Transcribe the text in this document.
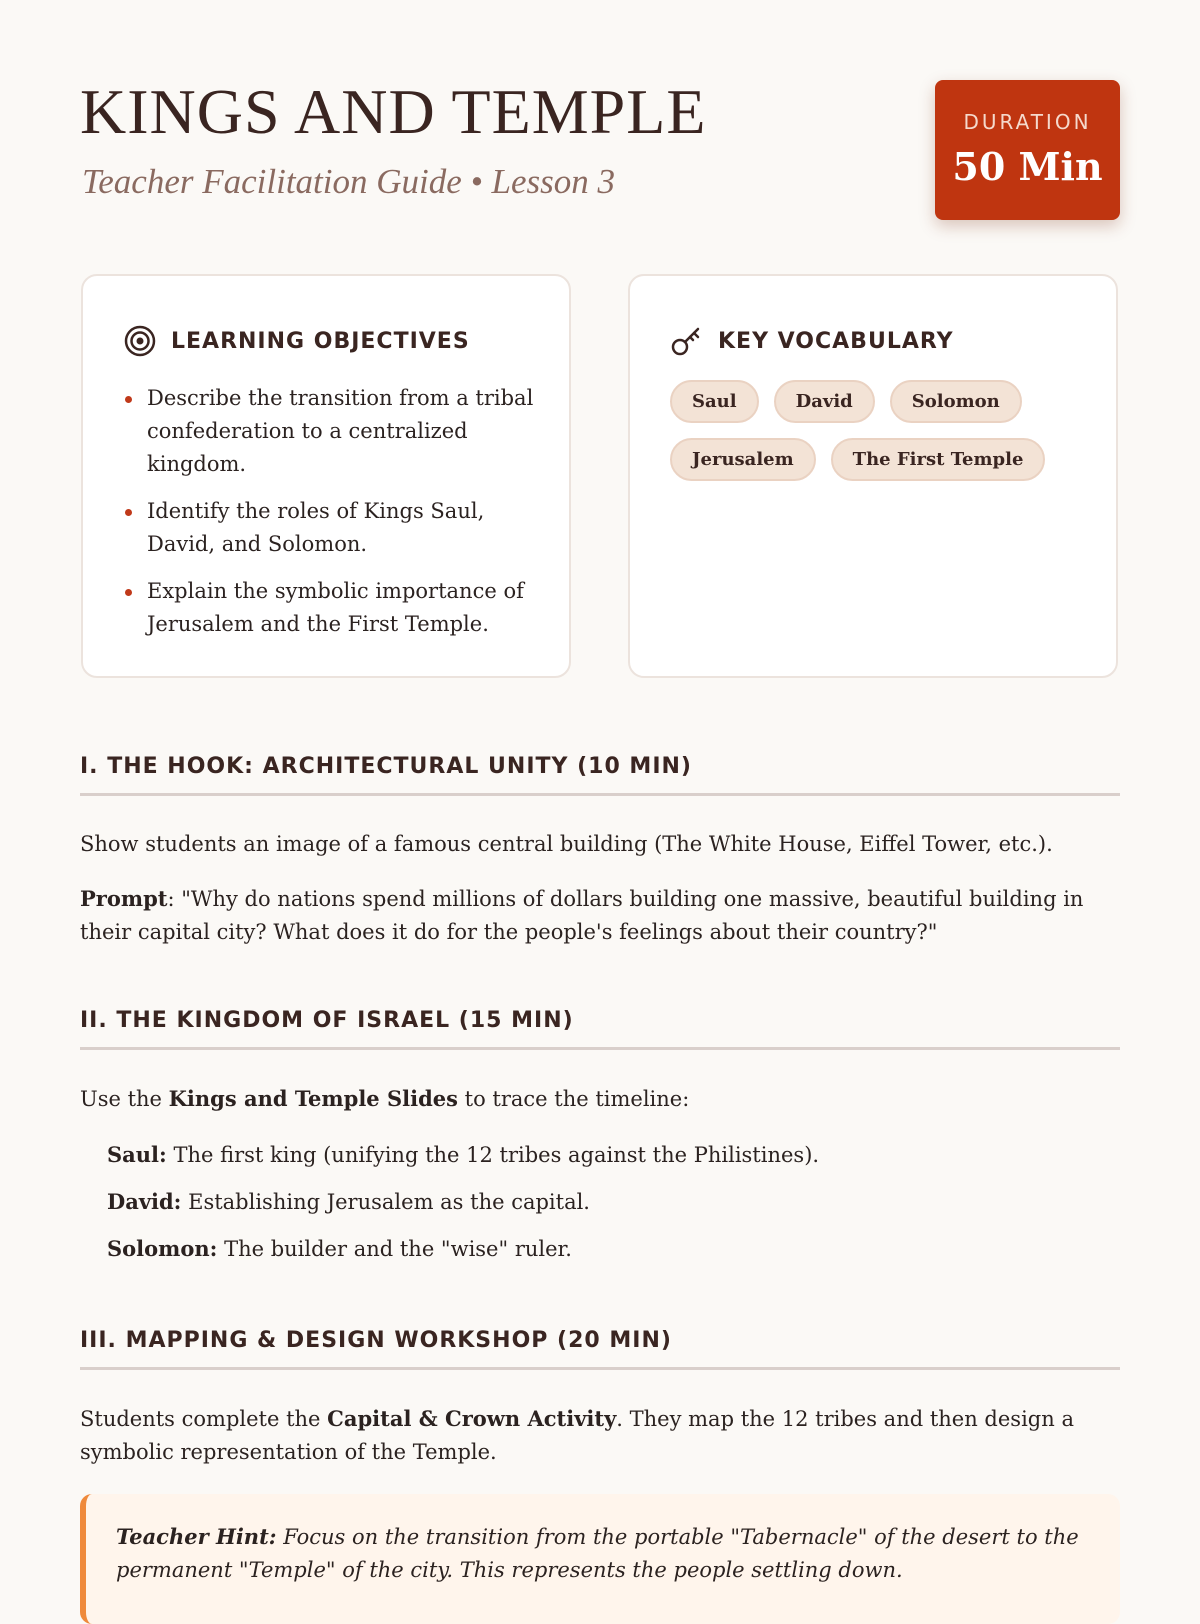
KINGS AND TEMPLE
Teacher Facilitation Guide • Lesson 3
DURATION
50 Min
LEARNING OBJECTIVES
Describe the transition from a tribal confederation to a centralized kingdom.
Identify the roles of Kings Saul, David, and Solomon.
Explain the symbolic importance of Jerusalem and the First Temple.
KEY VOCABULARY
Saul	David	Solomon
Jerusalem	The First Temple
I. THE HOOK: ARCHITECTURAL UNITY (10 MIN)

Show students an image of a famous central building (The White House, Eiffel Tower, etc.).

Prompt: "Why do nations spend millions of dollars building one massive, beautiful building in their capital city? What does it do for the people's feelings about their country?"

II. THE KINGDOM OF ISRAEL (15 MIN)

Use the Kings and Temple Slides to trace the timeline:

Saul: The first king (unifying the 12 tribes against the Philistines).
David: Establishing Jerusalem as the capital.
Solomon: The builder and the "wise" ruler.
III. MAPPING & DESIGN WORKSHOP (20 MIN)

Students complete the Capital & Crown Activity. They map the 12 tribes and then design a symbolic representation of the Temple.

Teacher Hint: Focus on the transition from the portable "Tabernacle" of the desert to the permanent "Temple" of the city. This represents the people settling down.
